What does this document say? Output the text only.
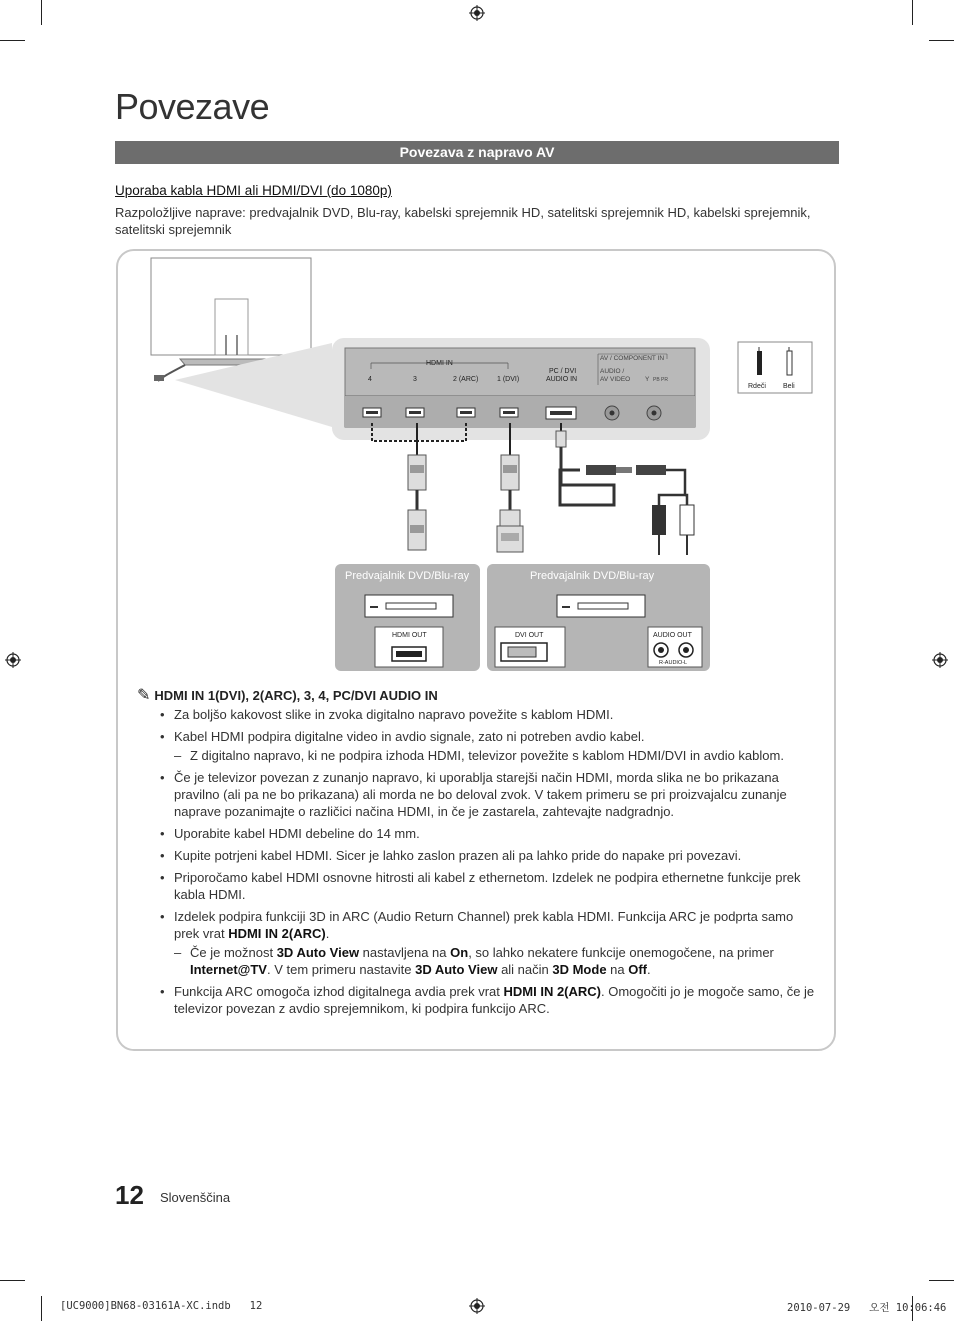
Povezave
Povezava z napravo AV
Uporaba kabla HDMI ali HDMI/DVI (do 1080p)
Razpoložljive naprave: predvajalnik DVD, Blu-ray, kabelski sprejemnik HD, satelitski sprejemnik HD, kabelski sprejemnik, satelitski sprejemnik
HDMI IN
4	3	2 (ARC)	1 (DVI)
PC / DVI
AUDIO IN
AV / COMPONENT IN
AUDIO /
AV VIDEO Y PB PR
Rdeči Beli
Predvajalnik DVD/Blu-ray
HDMI OUT
Predvajalnik DVD/Blu-ray
DVI OUT	AUDIO OUT
R-AUDIO-L
✎ HDMI IN 1(DVI), 2(ARC), 3, 4, PC/DVI AUDIO IN
• Za boljšo kakovost slike in zvoka digitalno napravo povežite s kablom HDMI.
• Kabel HDMI podpira digitalne video in avdio signale, zato ni potreben avdio kabel.
– Z digitalno napravo, ki ne podpira izhoda HDMI, televizor povežite s kablom HDMI/DVI in avdio kablom.
• Če je televizor povezan z zunanjo napravo, ki uporablja starejši način HDMI, morda slika ne bo prikazana pravilno (ali pa ne bo prikazana) ali morda ne bo deloval zvok. V takem primeru se pri proizvajalcu zunanje naprave pozanimajte o različici načina HDMI, in če je zastarela, zahtevajte nadgradnjo.
• Uporabite kabel HDMI debeline do 14 mm.
• Kupite potrjeni kabel HDMI. Sicer je lahko zaslon prazen ali pa lahko pride do napake pri povezavi.
• Priporočamo kabel HDMI osnovne hitrosti ali kabel z ethernetom. Izdelek ne podpira ethernetne funkcije prek kabla HDMI.
• Izdelek podpira funkciji 3D in ARC (Audio Return Channel) prek kabla HDMI. Funkcija ARC je podprta samo prek vrat HDMI IN 2(ARC).
– Če je možnost 3D Auto View nastavljena na On, so lahko nekatere funkcije onemogočene, na primer Internet@TV. V tem primeru nastavite 3D Auto View ali način 3D Mode na Off.
• Funkcija ARC omogoča izhod digitalnega avdia prek vrat HDMI IN 2(ARC). Omogočiti jo je mogoče samo, če je televizor povezan z avdio sprejemnikom, ki podpira funkcijo ARC.
12 Slovenščina
[UC9000]BN68-03161A-XC.indb   12	2010-07-29   오전 10:06:46
